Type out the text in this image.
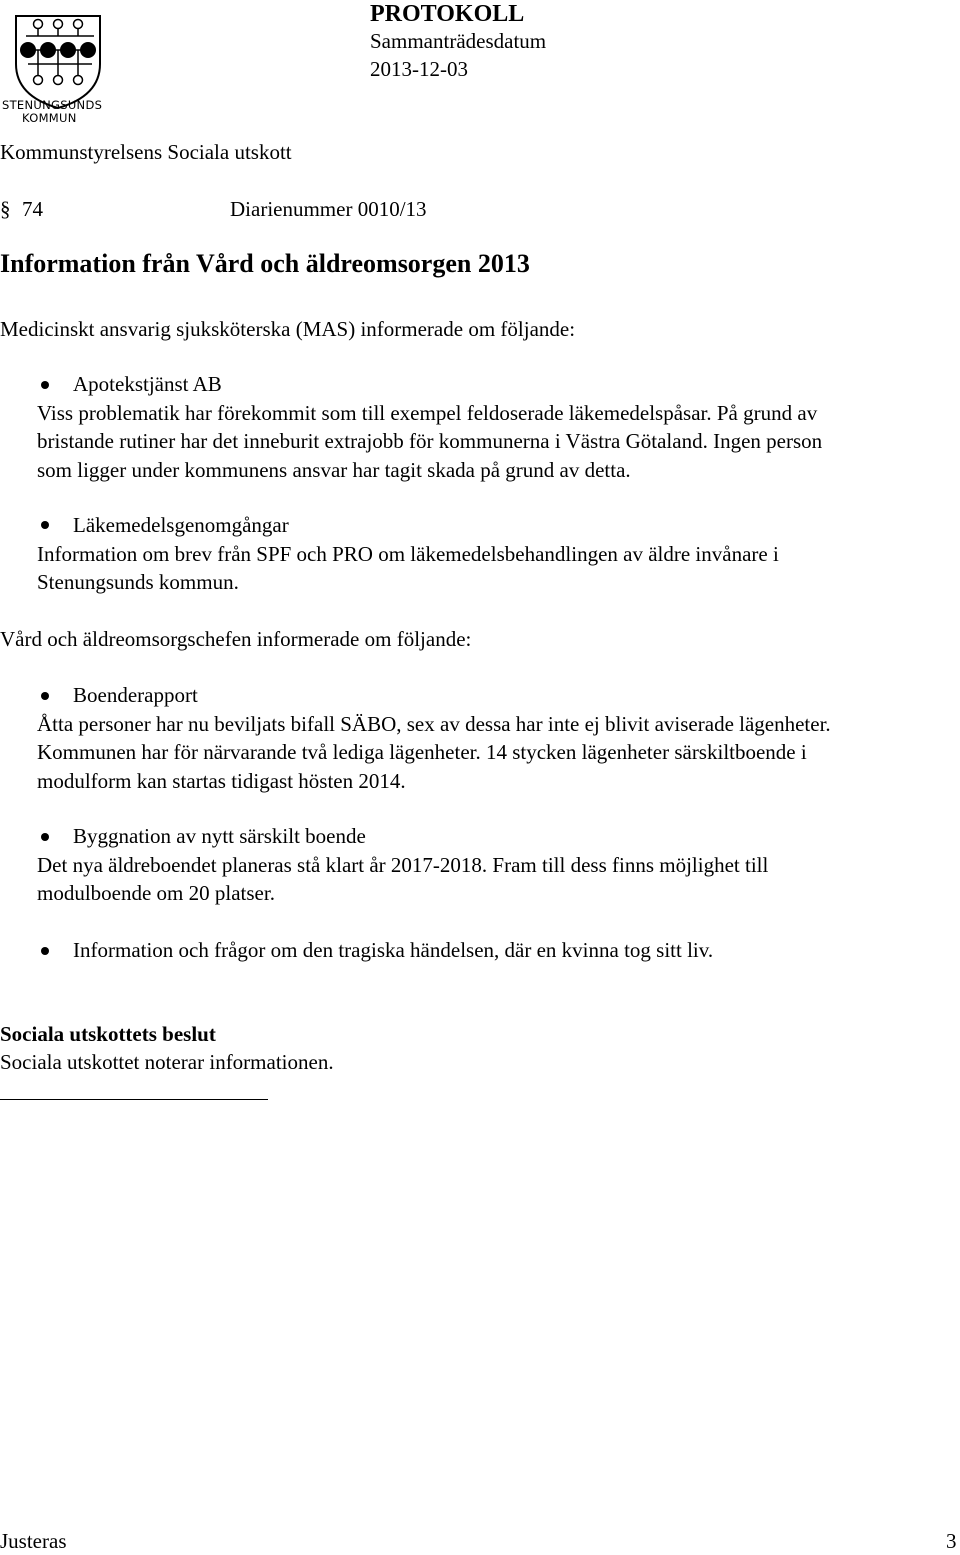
STENUNGSUNDS
KOMMUN
PROTOKOLL
Sammanträdesdatum
2013-12-03
Kommunstyrelsens Sociala utskott
§ 74	Diarienummer 0010/13
Information från Vård och äldreomsorgen 2013
Medicinskt ansvarig sjuksköterska (MAS) informerade om följande:
Apotekstjänst AB
Viss problematik har förekommit som till exempel feldoserade läkemedelspåsar. På grund av
bristande rutiner har det inneburit extrajobb för kommunerna i Västra Götaland. Ingen person
som ligger under kommunens ansvar har tagit skada på grund av detta.
Läkemedelsgenomgångar
Information om brev från SPF och PRO om läkemedelsbehandlingen av äldre invånare i
Stenungsunds kommun.
Vård och äldreomsorgschefen informerade om följande:
Boenderapport
Åtta personer har nu beviljats bifall SÄBO, sex av dessa har inte ej blivit aviserade lägenheter.
Kommunen har för närvarande två lediga lägenheter. 14 stycken lägenheter särskiltboende i
modulform kan startas tidigast hösten 2014.
Byggnation av nytt särskilt boende
Det nya äldreboendet planeras stå klart år 2017-2018. Fram till dess finns möjlighet till
modulboende om 20 platser.
Information och frågor om den tragiska händelsen, där en kvinna tog sitt liv.
Sociala utskottets beslut
Sociala utskottet noterar informationen.
Justeras	3
